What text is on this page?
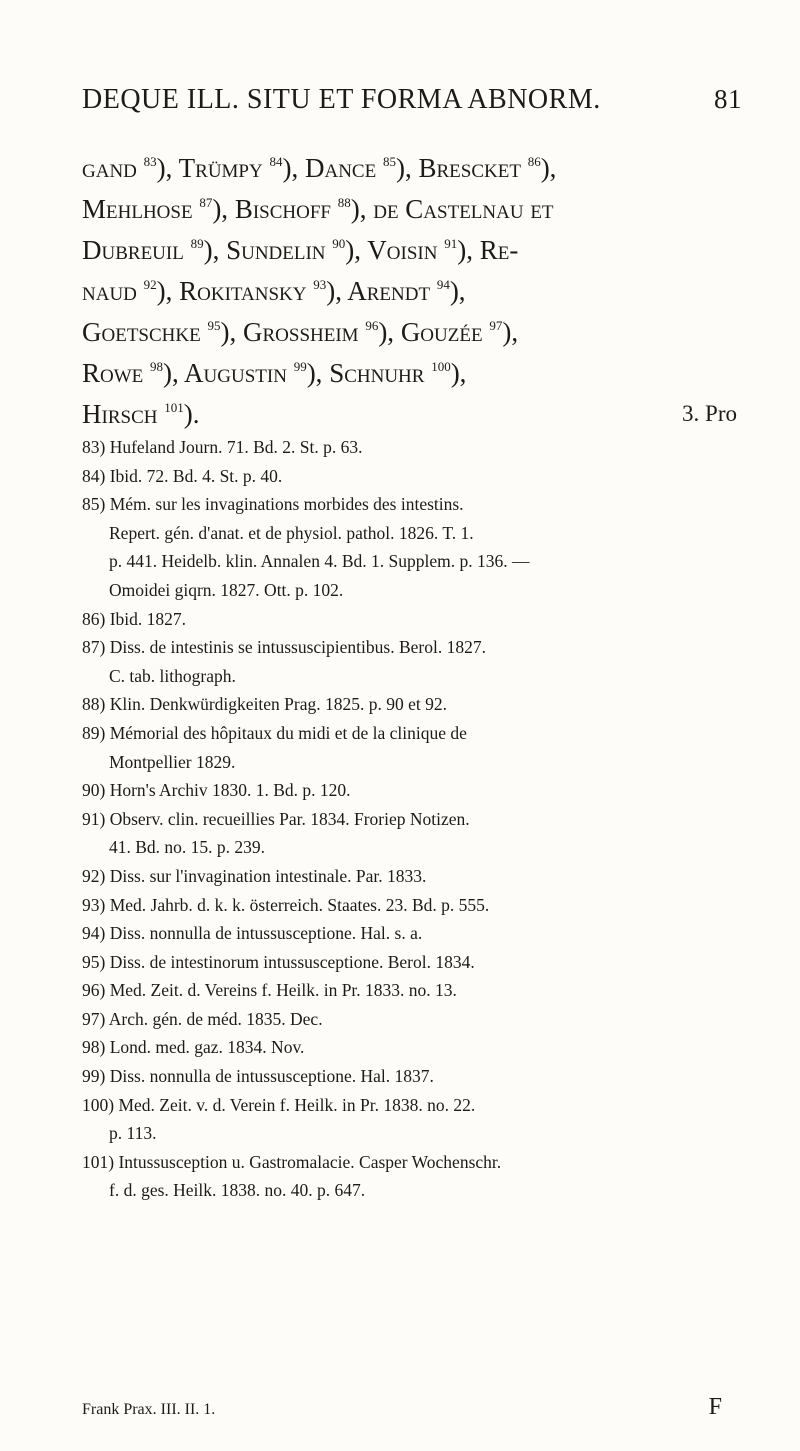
DEQUE ILL. SITU ET FORMA ABNORM.	81
gand $^{83}$), Trümpy $^{84}$), Dance $^{85}$), Brescket $^{86}$),
Mehlhose $^{87}$), Bischoff $^{88}$), de Castelnau et
Dubreuil $^{89}$), Sundelin $^{90}$), Voisin $^{91}$), Re-
naud $^{92}$), Rokitansky $^{93}$), Arendt $^{94}$),
Goetschke $^{95}$), Grossheim $^{96}$), Gouzée $^{97}$),
Rowe $^{98}$), Augustin $^{99}$), Schnuhr $^{100}$),
Hirsch $^{101}$).	3. Pro

83) Hufeland Journ. 71. Bd. 2. St. p. 63.

84) Ibid. 72. Bd. 4. St. p. 40.

85) Mém. sur les invaginations morbides des intestins.
Repert. gén. d'anat. et de physiol. pathol. 1826. T. 1.
p. 441. Heidelb. klin. Annalen 4. Bd. 1. Supplem. p. 136. —
Omoidei giqrn. 1827. Ott. p. 102.

86) Ibid. 1827.

87) Diss. de intestinis se intussuscipientibus. Berol. 1827.
C. tab. lithograph.

88) Klin. Denkwürdigkeiten Prag. 1825. p. 90 et 92.

89) Mémorial des hôpitaux du midi et de la clinique de
Montpellier 1829.

90) Horn's Archiv 1830. 1. Bd. p. 120.

91) Observ. clin. recueillies Par. 1834. Froriep Notizen.
41. Bd. no. 15. p. 239.

92) Diss. sur l'invagination intestinale. Par. 1833.

93) Med. Jahrb. d. k. k. österreich. Staates. 23. Bd. p. 555.

94) Diss. nonnulla de intussusceptione. Hal. s. a.

95) Diss. de intestinorum intussusceptione. Berol. 1834.

96) Med. Zeit. d. Vereins f. Heilk. in Pr. 1833. no. 13.

97) Arch. gén. de méd. 1835. Dec.

98) Lond. med. gaz. 1834. Nov.

99) Diss. nonnulla de intussusceptione. Hal. 1837.

100) Med. Zeit. v. d. Verein f. Heilk. in Pr. 1838. no. 22.
p. 113.

101) Intussusception u. Gastromalacie. Casper Wochenschr.
f. d. ges. Heilk. 1838. no. 40. p. 647.

Frank Prax. III. II. 1.	F
